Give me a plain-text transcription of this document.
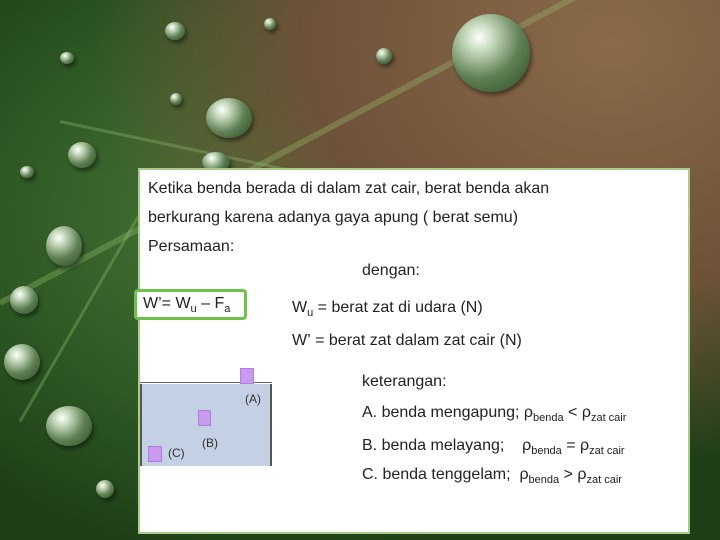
Ketika benda berada di dalam zat cair, berat benda akan
berkurang karena adanya gaya apung ( berat semu)
Persamaan:
dengan:
W’= $W_u - F_a$	$W_u$ = berat zat di udara (N)
W’ = berat zat dalam zat cair (N)
(A)
(B)
(C)
keterangan:
A. benda mengapung; $\rho_{benda} < \rho_{zat cair}$
B. benda melayang;    $\rho_{benda} = \rho_{zat cair}$
C. benda tenggelam;  $\rho_{benda} > \rho_{zat cair}$
